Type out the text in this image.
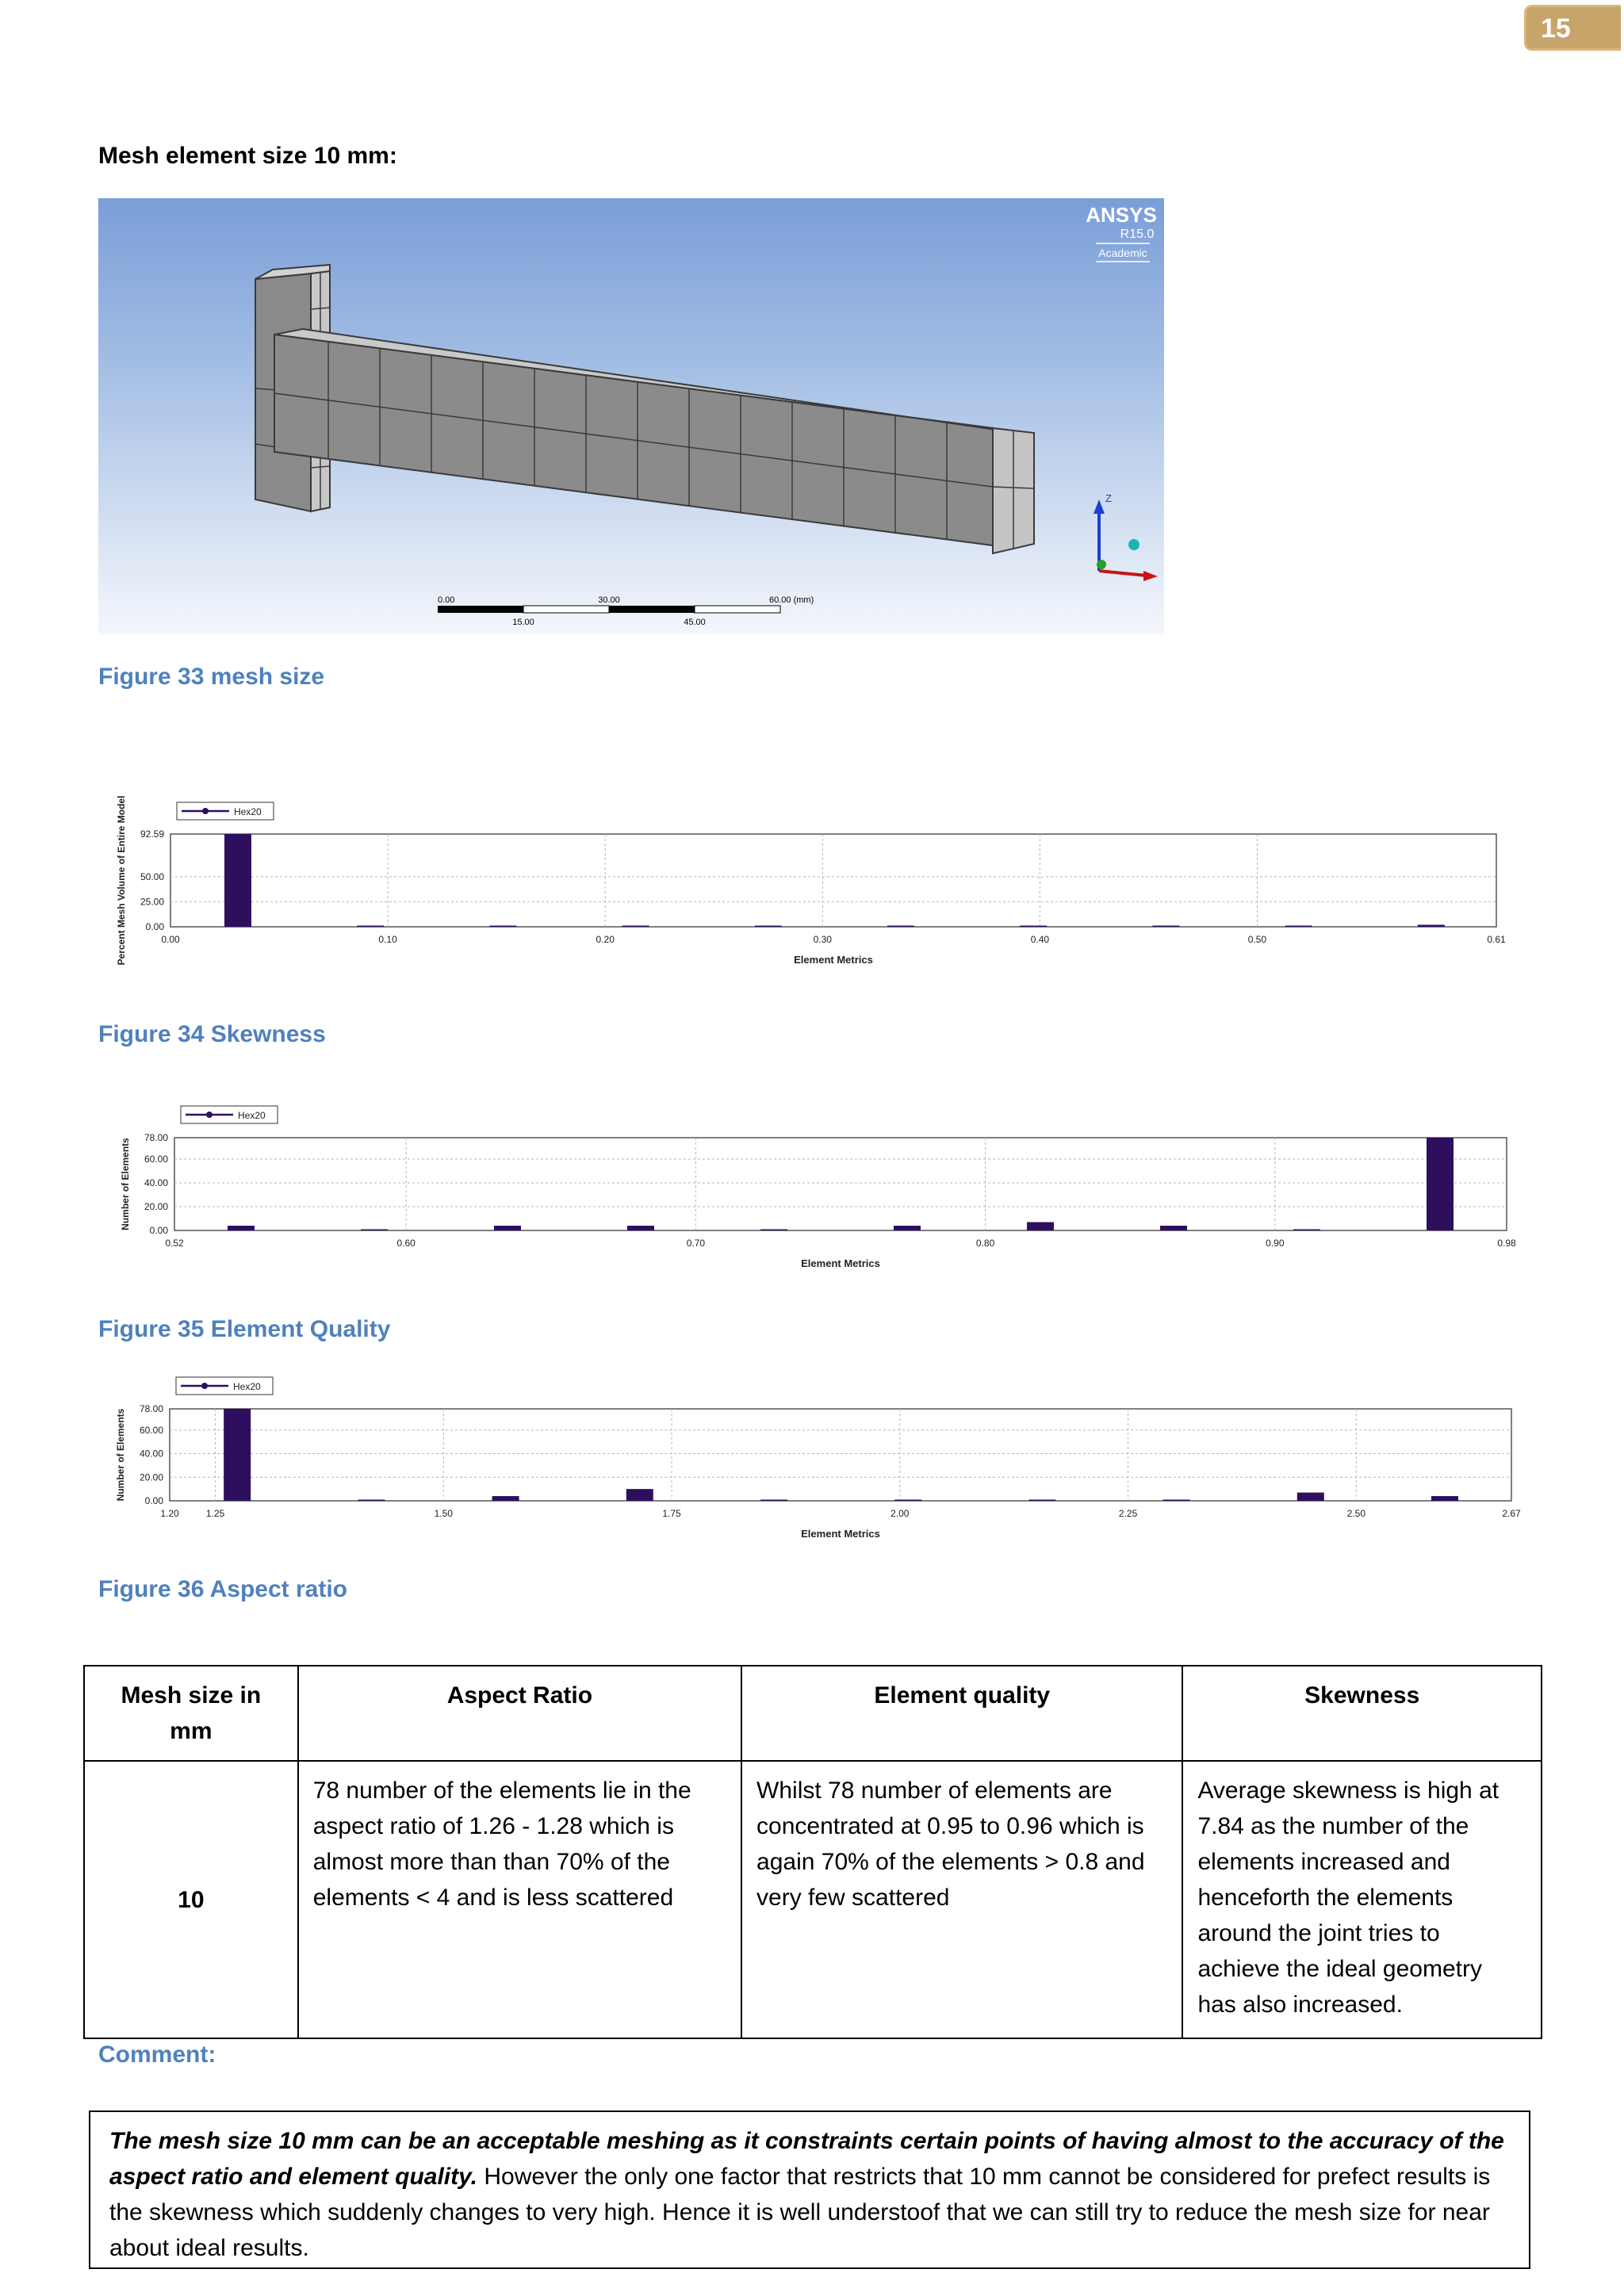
15
Mesh element size 10 mm:
ANSYS
R15.0
Academic
Z
0.00	30.00	60.00 (mm)
15.00	45.00
Figure 33 mesh size
92.59
50.00
25.00
0.00
0.00	0.10	0.20	0.30	0.40	0.50	0.61
Element Metrics
Percent Mesh Volume of Entire Model	Hex20
Figure 34 Skewness
78.00
60.00
40.00
20.00
0.00
0.52	0.60	0.70	0.80	0.90	0.98
Element Metrics
Number of Elements
Hex20
Figure 35 Element Quality
78.00
60.00
40.00
20.00
0.00
1.20	1.25	1.50	1.75	2.00	2.25	2.50	2.67
Element Metrics
Number of Elements
Hex20
Figure 36 Aspect ratio
Mesh size in mm	Aspect Ratio	Element quality	Skewness
10	78 number of the elements lie in the aspect ratio of 1.26 - 1.28 which is almost more than than 70% of the elements < 4 and is less scattered	Whilst 78 number of elements are concentrated at 0.95 to 0.96 which is again 70% of the elements > 0.8 and very few scattered	Average skewness is high at 7.84 as the number of the elements increased and henceforth the elements around the joint tries to achieve the ideal geometry has also increased.
Comment:
The mesh size 10 mm can be an acceptable meshing as it constraints certain points of having almost to the accuracy of the aspect ratio and element quality. However the only one factor that restricts that 10 mm cannot be considered for prefect results is the skewness which suddenly changes to very high. Hence it is well understoof that we can still try to reduce the mesh size for near about ideal results.
